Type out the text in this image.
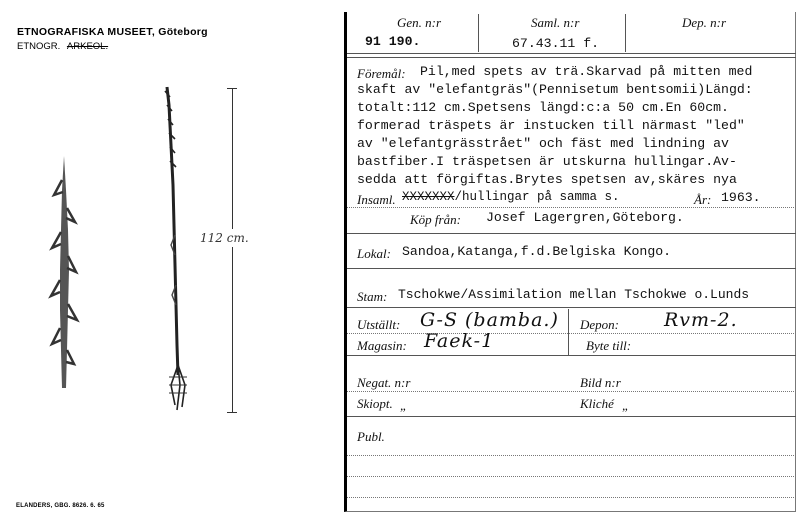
ETNOGRAFISKA MUSEET, Göteborg
ETNOGR. ARKEOL.
112 cm.
ELANDERS, GBG. 8626. 6. 65
Gen. n:r	Saml. n:r	Dep. n:r
91 190.	67.43.11 f.
Föremål: Pil,med spets av trä.Skarvad på mitten med
skaft av "elefantgräs"(Pennisetum bentsomii)Längd:
totalt:112 cm.Spetsens längd:c:a 50 cm.En 60cm.
formerad träspets är instucken till närmast "led"
av "elefantgrässtrået" och fäst med lindning av
bastfiber.I träspetsen är utskurna hullingar.Av-
sedda att förgiftas.Brytes spetsen av,skäres nya
Insaml. XXXXXXX/hullingar på samma s.	År: 1963.
Köp från: Josef Lagergren,Göteborg.
Lokal: Sandoa,Katanga,f.d.Belgiska Kongo.
Stam: Tschokwe/Assimilation mellan Tschokwe o.Lunds
Utställt: G-S (bamba.) Depon: Rvm-2.
Magasin: Faek-1	Byte till:
Negat. n:r	Bild n:r
Skiopt. „	Kliché „
Publ.
